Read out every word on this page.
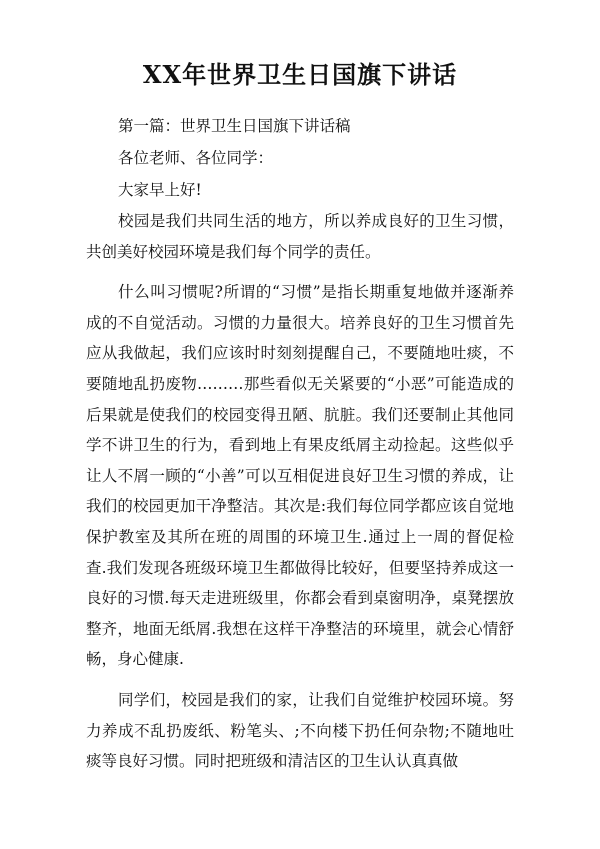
XX年世界卫生日国旗下讲话

第一篇：世界卫生日国旗下讲话稿

各位老师、各位同学：

大家早上好!

校园是我们共同生活的地方，所以养成良好的卫生习惯，共创美好校园环境是我们每个同学的责任。

什么叫习惯呢?所谓的“习惯”是指长期重复地做并逐渐养成的不自觉活动。习惯的力量很大。培养良好的卫生习惯首先应从我做起，我们应该时时刻刻提醒自己，不要随地吐痰，不要随地乱扔废物………那些看似无关紧要的“小恶”可能造成的后果就是使我们的校园变得丑陋、肮脏。我们还要制止其他同学不讲卫生的行为，看到地上有果皮纸屑主动捡起。这些似乎让人不屑一顾的“小善”可以互相促进良好卫生习惯的养成，让我们的校园更加干净整洁。其次是:我们每位同学都应该自觉地保护教室及其所在班的周围的环境卫生.通过上一周的督促检查.我们发现各班级环境卫生都做得比较好，但要坚持养成这一良好的习惯.每天走进班级里，你都会看到桌窗明净，桌凳摆放整齐，地面无纸屑.我想在这样干净整洁的环境里，就会心情舒畅，身心健康.

同学们，校园是我们的家，让我们自觉维护校园环境。努力养成不乱扔废纸、粉笔头、;不向楼下扔任何杂物;不随地吐痰等良好习惯。同时把班级和清洁区的卫生认认真真做
